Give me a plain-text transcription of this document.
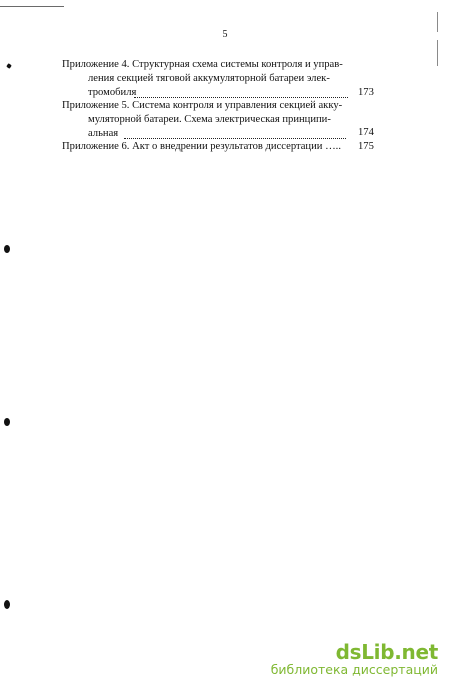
5
Приложение 4. Структурная схема системы контроля и управ-
ления секцией тяговой аккумуляторной батареи элек-
тромобиля	173
Приложение 5. Система контроля и управления секцией акку-
муляторной батареи. Схема электрическая принципи-
альная	174
Приложение 6. Акт о внедрении результатов диссертации ….. 175
dsLib.net
библиотека диссертаций
